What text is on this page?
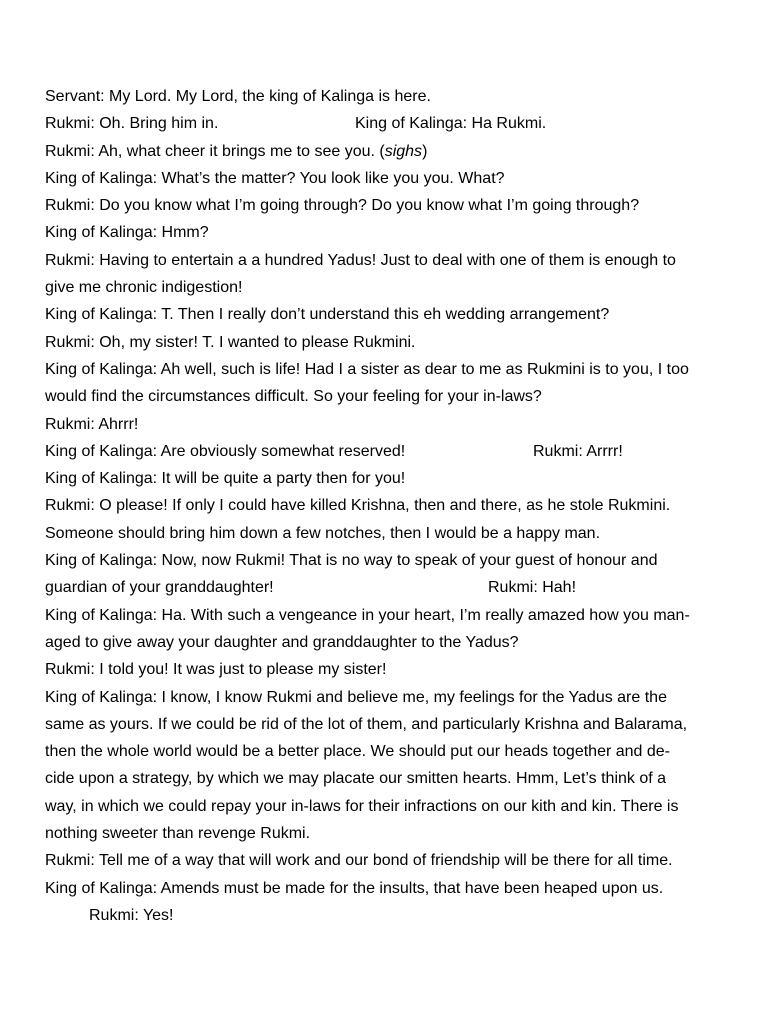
Servant: My Lord. My Lord, the king of Kalinga is here.
Rukmi: Oh. Bring him in.	King of Kalinga: Ha Rukmi.
Rukmi: Ah, what cheer it brings me to see you. (sighs)
King of Kalinga: What’s the matter? You look like you you. What?
Rukmi: Do you know what I’m going through? Do you know what I’m going through?
King of Kalinga: Hmm?
Rukmi: Having to entertain a a hundred Yadus! Just to deal with one of them is enough to
give me chronic indigestion!
King of Kalinga: T. Then I really don’t understand this eh wedding arrangement?
Rukmi: Oh, my sister! T. I wanted to please Rukmini.
King of Kalinga: Ah well, such is life! Had I a sister as dear to me as Rukmini is to you, I too
would find the circumstances difficult. So your feeling for your in-laws?
Rukmi: Ahrrr!
King of Kalinga: Are obviously somewhat reserved!	Rukmi: Arrrr!
King of Kalinga: It will be quite a party then for you!
Rukmi: O please! If only I could have killed Krishna, then and there, as he stole Rukmini.
Someone should bring him down a few notches, then I would be a happy man.
King of Kalinga: Now, now Rukmi! That is no way to speak of your guest of honour and
guardian of your granddaughter!	Rukmi: Hah!
King of Kalinga: Ha. With such a vengeance in your heart, I’m really amazed how you man-
aged to give away your daughter and granddaughter to the Yadus?
Rukmi: I told you! It was just to please my sister!
King of Kalinga: I know, I know Rukmi and believe me, my feelings for the Yadus are the
same as yours. If we could be rid of the lot of them, and particularly Krishna and Balarama,
then the whole world would be a better place. We should put our heads together and de-
cide upon a strategy, by which we may placate our smitten hearts. Hmm, Let’s think of a
way, in which we could repay your in-laws for their infractions on our kith and kin. There is
nothing sweeter than revenge Rukmi.
Rukmi: Tell me of a way that will work and our bond of friendship will be there for all time.
King of Kalinga: Amends must be made for the insults, that have been heaped upon us.
Rukmi: Yes!
